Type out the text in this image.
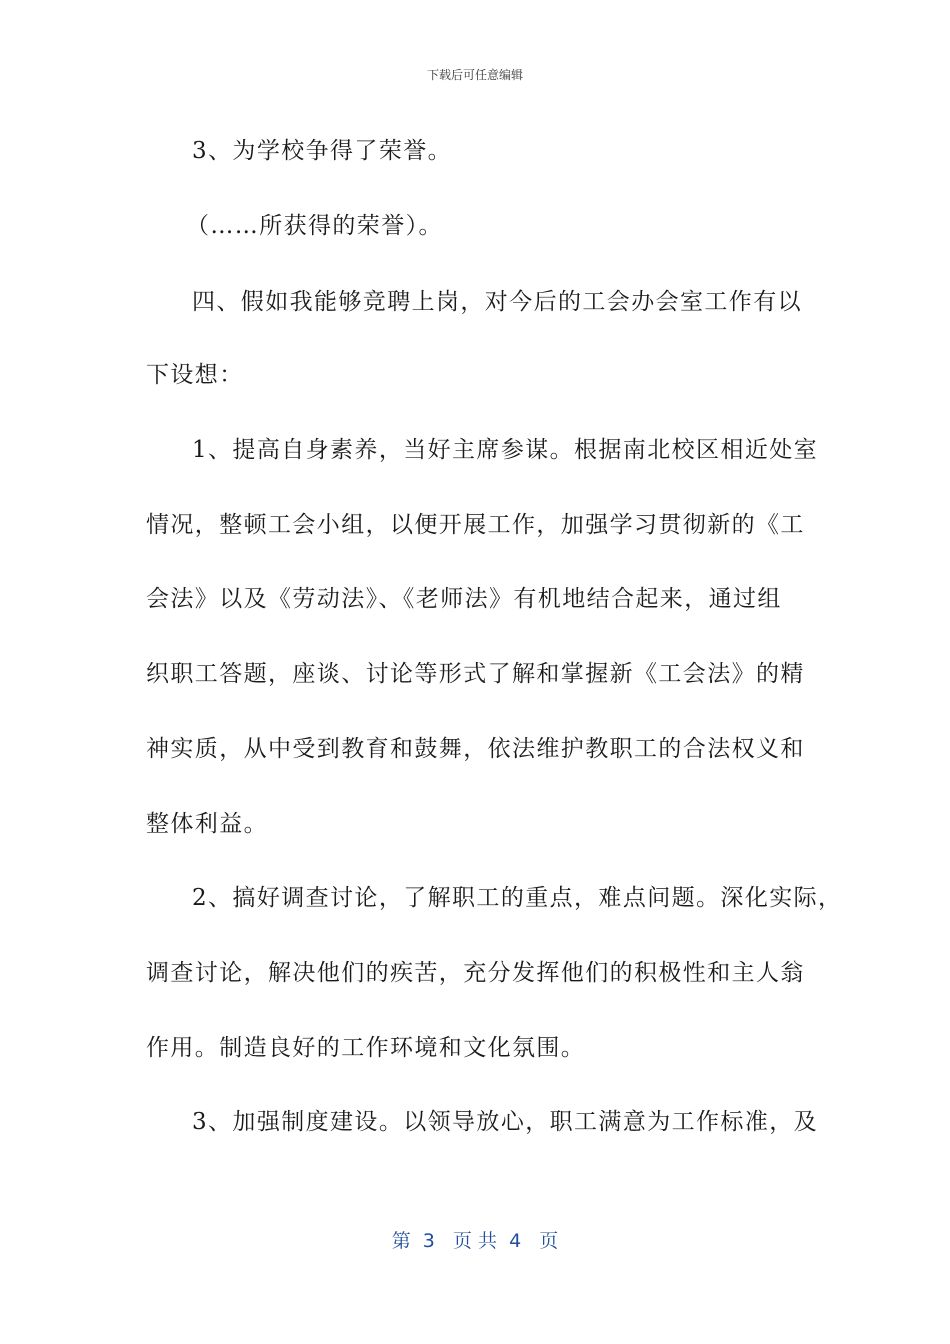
下载后可任意编辑
3、为学校争得了荣誉。
（……所获得的荣誉）。
四、假如我能够竞聘上岗，对今后的工会办会室工作有以
下设想：
1、提高自身素养，当好主席参谋。根据南北校区相近处室
情况，整顿工会小组，以便开展工作，加强学习贯彻新的《工
会法》以及《劳动法》、《老师法》有机地结合起来，通过组
织职工答题，座谈、讨论等形式了解和掌握新《工会法》的精
神实质，从中受到教育和鼓舞，依法维护教职工的合法权义和
整体利益。
2、搞好调查讨论，了解职工的重点，难点问题。深化实际，
调查讨论，解决他们的疾苦，充分发挥他们的积极性和主人翁
作用。制造良好的工作环境和文化氛围。
3、加强制度建设。以领导放心，职工满意为工作标准，及
第  3   页 共  4   页
